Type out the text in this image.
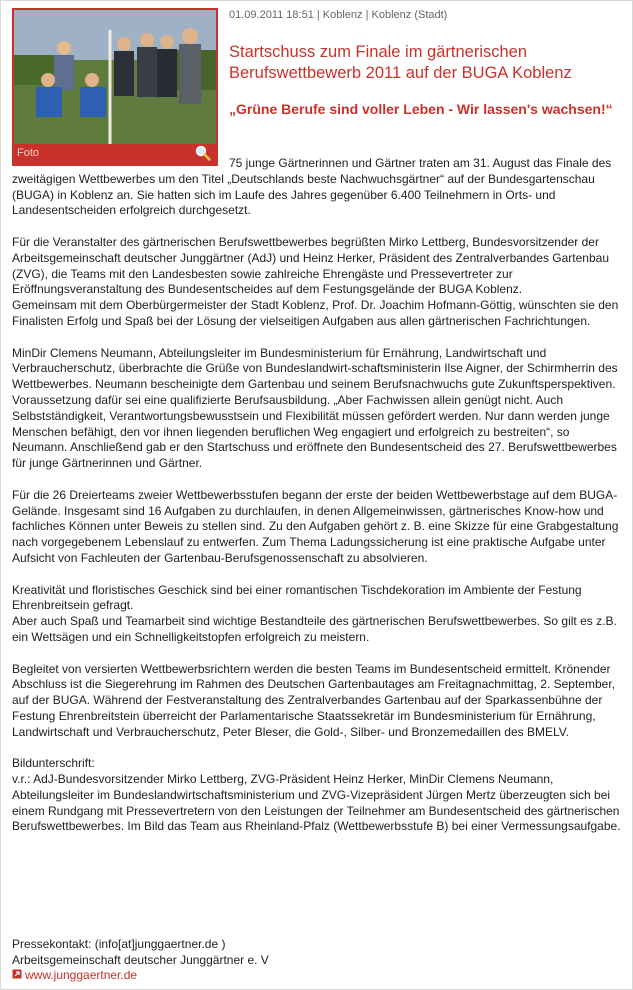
Foto
01.09.2011 18:51 | Koblenz | Koblenz (Stadt)
Startschuss zum Finale im gärtnerischen Berufswettbewerb 2011 auf der BUGA Koblenz
„Grüne Berufe sind voller Leben - Wir lassen's wachsen!“

75 junge Gärtnerinnen und Gärtner traten am 31. August das Finale des zweitägigen Wettbewerbes um den Titel „Deutschlands beste Nachwuchsgärtner“ auf der Bundesgartenschau (BUGA) in Koblenz an. Sie hatten sich im Laufe des Jahres gegenüber 6.400 Teilnehmern in Orts- und Landesentscheiden erfolgreich durchgesetzt.

Für die Veranstalter des gärtnerischen Berufswettbewerbes begrüßten Mirko Lettberg, Bundesvorsitzender der Arbeitsgemeinschaft deutscher Junggärtner (AdJ) und Heinz Herker, Präsident des Zentralverbandes Gartenbau (ZVG), die Teams mit den Landesbesten sowie zahlreiche Ehrengäste und Pressevertreter zur Eröffnungsveranstaltung des Bundesentscheides auf dem Festungsgelände der BUGA Koblenz.
Gemeinsam mit dem Oberbürgermeister der Stadt Koblenz, Prof. Dr. Joachim Hofmann-Göttig, wünschten sie den Finalisten Erfolg und Spaß bei der Lösung der vielseitigen Aufgaben aus allen gärtnerischen Fachrichtungen.

MinDir Clemens Neumann, Abteilungsleiter im Bundesministerium für Ernährung, Landwirtschaft und Verbraucherschutz, überbrachte die Grüße von Bundeslandwirt-schaftsministerin Ilse Aigner, der Schirmherrin des Wettbewerbes. Neumann bescheinigte dem Gartenbau und seinem Berufsnachwuchs gute Zukunftsperspektiven. Voraussetzung dafür sei eine qualifizierte Berufsausbildung. „Aber Fachwissen allein genügt nicht. Auch Selbstständigkeit, Verantwortungsbewusstsein und Flexibilität müssen gefördert werden. Nur dann werden junge Menschen befähigt, den vor ihnen liegenden beruflichen Weg engagiert und erfolgreich zu bestreiten“, so Neumann. Anschließend gab er den Startschuss und eröffnete den Bundesentscheid des 27. Berufswettbewerbes für junge Gärtnerinnen und Gärtner.

Für die 26 Dreierteams zweier Wettbewerbsstufen begann der erste der beiden Wettbewerbstage auf dem BUGA-Gelände. Insgesamt sind 16 Aufgaben zu durchlaufen, in denen Allgemeinwissen, gärtnerisches Know-how und fachliches Können unter Beweis zu stellen sind. Zu den Aufgaben gehört z. B. eine Skizze für eine Grabgestaltung nach vorgegebenem Lebenslauf zu entwerfen. Zum Thema Ladungssicherung ist eine praktische Aufgabe unter Aufsicht von Fachleuten der Gartenbau-Berufsgenossenschaft zu absolvieren.

Kreativität und floristisches Geschick sind bei einer romantischen Tischdekoration im Ambiente der Festung Ehrenbreitsein gefragt.
Aber auch Spaß und Teamarbeit sind wichtige Bestandteile des gärtnerischen Berufswettbewerbes. So gilt es z.B. ein Wettsägen und ein Schnelligkeitstopfen erfolgreich zu meistern.

Begleitet von versierten Wettbewerbsrichtern werden die besten Teams im Bundesentscheid ermittelt. Krönender Abschluss ist die Siegerehrung im Rahmen des Deutschen Gartenbautages am Freitagnachmittag, 2. September, auf der BUGA. Während der Festveranstaltung des Zentralverbandes Gartenbau auf der Sparkassenbühne der Festung Ehrenbreitstein überreicht der Parlamentarische Staatssekretär im Bundesministerium für Ernährung, Landwirtschaft und Verbraucherschutz, Peter Bleser, die Gold-, Silber- und Bronzemedaillen des BMELV.

Bildunterschrift:
v.r.: AdJ-Bundesvorsitzender Mirko Lettberg, ZVG-Präsident Heinz Herker, MinDir Clemens Neumann, Abteilungsleiter im Bundeslandwirtschaftsministerium und ZVG-Vizepräsident Jürgen Mertz überzeugten sich bei einem Rundgang mit Pressevertretern von den Leistungen der Teilnehmer am Bundesentscheid des gärtnerischen Berufswettbewerbes. Im Bild das Team aus Rheinland-Pfalz (Wettbewerbsstufe B) bei einer Vermessungsaufgabe.

Pressekontakt: (info[at]junggaertner.de )
Arbeitsgemeinschaft deutscher Junggärtner e. V
www.junggaertner.de
